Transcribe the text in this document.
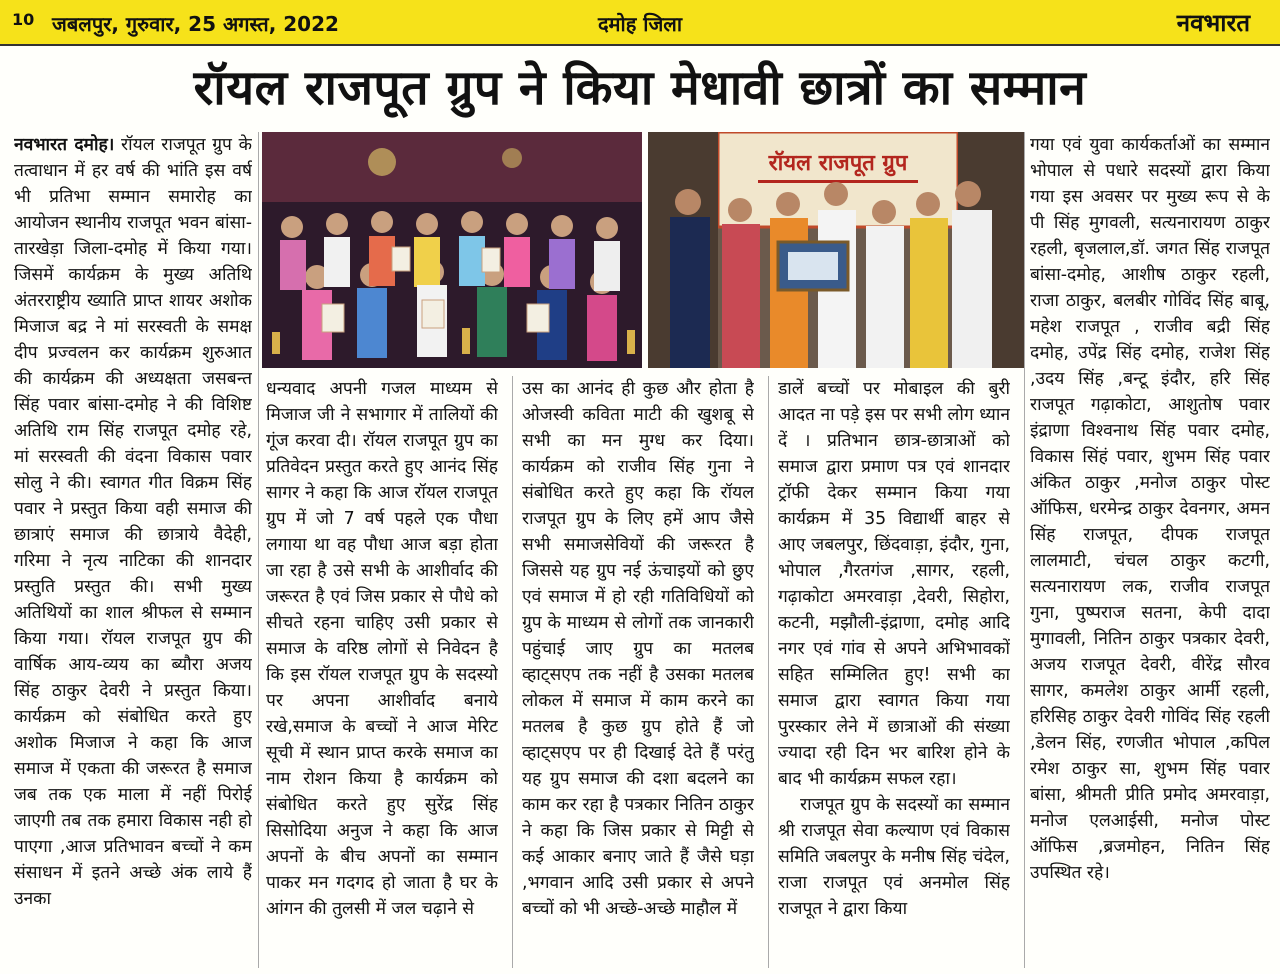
10 जबलपुर, गुरुवार, 25 अगस्त, 2022	दमोह जिला	नवभारत
रॉयल राजपूत ग्रुप ने किया मेधावी छात्रों का सम्मान
रॉयल राजपूत ग्रुप

नवभारत दमोह। रॉयल राजपूत ग्रुप के तत्वाधान में हर वर्ष की भांति इस वर्ष भी प्रतिभा सम्मान समारोह का आयोजन स्थानीय राजपूत भवन बांसा-तारखेड़ा जिला-दमोह में किया गया। जिसमें कार्यक्रम के मुख्य अतिथि अंतरराष्ट्रीय ख्याति प्राप्त शायर अशोक मिजाज बद्र ने मां सरस्वती के समक्ष दीप प्रज्वलन कर कार्यक्रम शुरुआत की कार्यक्रम की अध्यक्षता जसबन्त सिंह पवार बांसा-दमोह ने की विशिष्ट अतिथि राम सिंह राजपूत दमोह रहे, मां सरस्वती की वंदना विकास पवार सोलु ने की। स्वागत गीत विक्रम सिंह पवार ने प्रस्तुत किया वही समाज की छात्राएं समाज की छात्राये वैदेही, गरिमा ने नृत्य नाटिका की शानदार प्रस्तुति प्रस्तुत की। सभी मुख्य अतिथियों का शाल श्रीफल से सम्मान किया गया। रॉयल राजपूत ग्रुप की वार्षिक आय-व्यय का ब्यौरा अजय सिंह ठाकुर देवरी ने प्रस्तुत किया। कार्यक्रम को संबोधित करते हुए अशोक मिजाज ने कहा कि आज समाज में एकता की जरूरत है समाज जब तक एक माला में नहीं पिरोई जाएगी तब तक हमारा विकास नही हो पाएगा ,आज प्रतिभावन बच्चों ने कम संसाधन में इतने अच्छे अंक लाये हैं उनका

धन्यवाद अपनी गजल माध्यम से मिजाज जी ने सभागार में तालियों की गूंज करवा दी। रॉयल राजपूत ग्रुप का प्रतिवेदन प्रस्तुत करते हुए आनंद सिंह सागर ने कहा कि आज रॉयल राजपूत ग्रुप में जो 7 वर्ष पहले एक पौधा लगाया था वह पौधा आज बड़ा होता जा रहा है उसे सभी के आशीर्वाद की जरूरत है एवं जिस प्रकार से पौधे को सीचते रहना चाहिए उसी प्रकार से समाज के वरिष्ठ लोगों से निवेदन है कि इस रॉयल राजपूत ग्रुप के सदस्यो पर अपना आशीर्वाद बनाये रखे,समाज के बच्चों ने आज मेरिट सूची में स्थान प्राप्त करके समाज का नाम रोशन किया है कार्यक्रम को संबोधित करते हुए सुरेंद्र सिंह सिसोदिया अनुज ने कहा कि आज अपनों के बीच अपनों का सम्मान पाकर मन गदगद हो जाता है घर के आंगन की तुलसी में जल चढ़ाने से

उस का आनंद ही कुछ और होता है ओजस्वी कविता माटी की खुशबू से सभी का मन मुग्ध कर दिया। कार्यक्रम को राजीव सिंह गुना ने संबोधित करते हुए कहा कि रॉयल राजपूत ग्रुप के लिए हमें आप जैसे सभी समाजसेवियों की जरूरत है जिससे यह ग्रुप नई ऊंचाइयों को छुए एवं समाज में हो रही गतिविधियों को ग्रुप के माध्यम से लोगों तक जानकारी पहुंचाई जाए ग्रुप का मतलब व्हाट्सएप तक नहीं है उसका मतलब लोकल में समाज में काम करने का मतलब है कुछ ग्रुप होते हैं जो व्हाट्सएप पर ही दिखाई देते हैं परंतु यह ग्रुप समाज की दशा बदलने का काम कर रहा है पत्रकार नितिन ठाकुर ने कहा कि जिस प्रकार से मिट्टी से कई आकार बनाए जाते हैं जैसे घड़ा ,भगवान आदि उसी प्रकार से अपने बच्चों को भी अच्छे-अच्छे माहौल में

डालें बच्चों पर मोबाइल की बुरी आदत ना पड़े इस पर सभी लोग ध्यान दें । प्रतिभान छात्र-छात्राओं को समाज द्वारा प्रमाण पत्र एवं शानदार ट्रॉफी देकर सम्मान किया गया कार्यक्रम में 35 विद्यार्थी बाहर से आए जबलपुर, छिंदवाड़ा, इंदौर, गुना, भोपाल ,गैरतगंज ,सागर, रहली, गढ़ाकोटा अमरवाड़ा ,देवरी, सिहोरा, कटनी, मझौली-इंद्राणा, दमोह आदि नगर एवं गांव से अपने अभिभावकों सहित सम्मिलित हुए! सभी का समाज द्वारा स्वागत किया गया पुरस्कार लेने में छात्राओं की संख्या ज्यादा रही दिन भर बारिश होने के बाद भी कार्यक्रम सफल रहा।

राजपूत ग्रुप के सदस्यों का सम्मान श्री राजपूत सेवा कल्याण एवं विकास समिति जबलपुर के मनीष सिंह चंदेल, राजा राजपूत एवं अनमोल सिंह राजपूत ने द्वारा किया

गया एवं युवा कार्यकर्ताओं का सम्मान भोपाल से पधारे सदस्यों द्वारा किया गया इस अवसर पर मुख्य रूप से के पी सिंह मुगवली, सत्यनारायण ठाकुर रहली, बृजलाल,डॉ. जगत सिंह राजपूत बांसा-दमोह, आशीष ठाकुर रहली, राजा ठाकुर, बलबीर गोविंद सिंह बाबू, महेश राजपूत , राजीव बद्री सिंह दमोह, उपेंद्र सिंह दमोह, राजेश सिंह ,उदय सिंह ,बन्टू इंदौर, हरि सिंह राजपूत गढ़ाकोटा, आशुतोष पवार इंद्राणा विश्वनाथ सिंह पवार दमोह, विकास सिंहं पवार, शुभम सिंह पवार अंकित ठाकुर ,मनोज ठाकुर पोस्ट ऑफिस, धरमेन्द्र ठाकुर देवनगर, अमन सिंह राजपूत, दीपक राजपूत लालमाटी, चंचल ठाकुर कटगी, सत्यनारायण लक, राजीव राजपूत गुना, पुष्पराज सतना, केपी दादा मुगावली, नितिन ठाकुर पत्रकार देवरी, अजय राजपूत देवरी, वीरेंद्र सौरव सागर, कमलेश ठाकुर आर्मी रहली, हरिसिह ठाकुर देवरी गोविंद सिंह रहली ,डेलन सिंह, रणजीत भोपाल ,कपिल रमेश ठाकुर सा, शुभम सिंह पवार बांसा, श्रीमती प्रीति प्रमोद अमरवाड़ा, मनोज एलआईसी, मनोज पोस्ट ऑफिस ,ब्रजमोहन, नितिन सिंह उपस्थित रहे।
